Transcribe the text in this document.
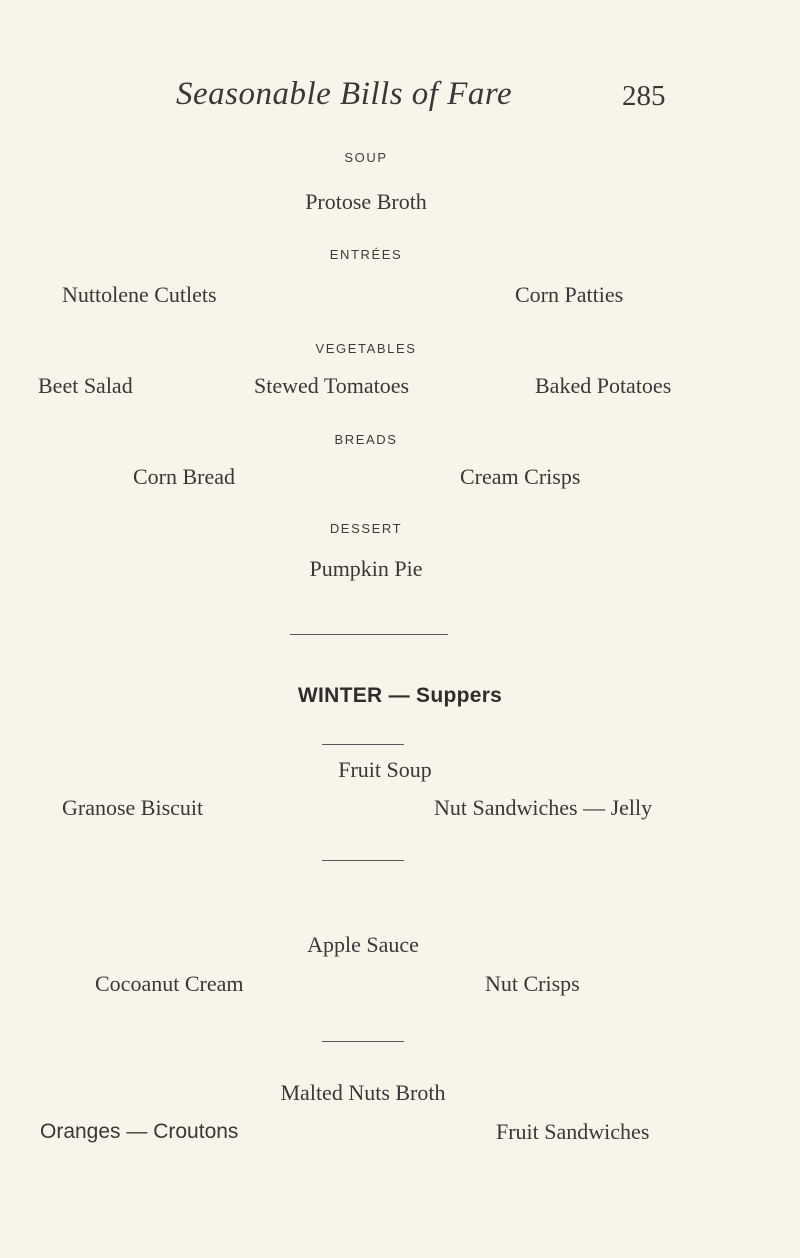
Seasonable Bills of Fare	285
SOUP
Protose Broth
ENTRÉES
Nuttolene Cutlets	Corn Patties
VEGETABLES
Beet Salad	Stewed Tomatoes	Baked Potatoes
BREADS
Corn Bread	Cream Crisps
DESSERT
Pumpkin Pie
WINTER — Suppers
Fruit Soup
Granose Biscuit	Nut Sandwiches — Jelly
Apple Sauce
Cocoanut Cream	Nut Crisps
Malted Nuts Broth
Oranges — Croutons	Fruit Sandwiches
